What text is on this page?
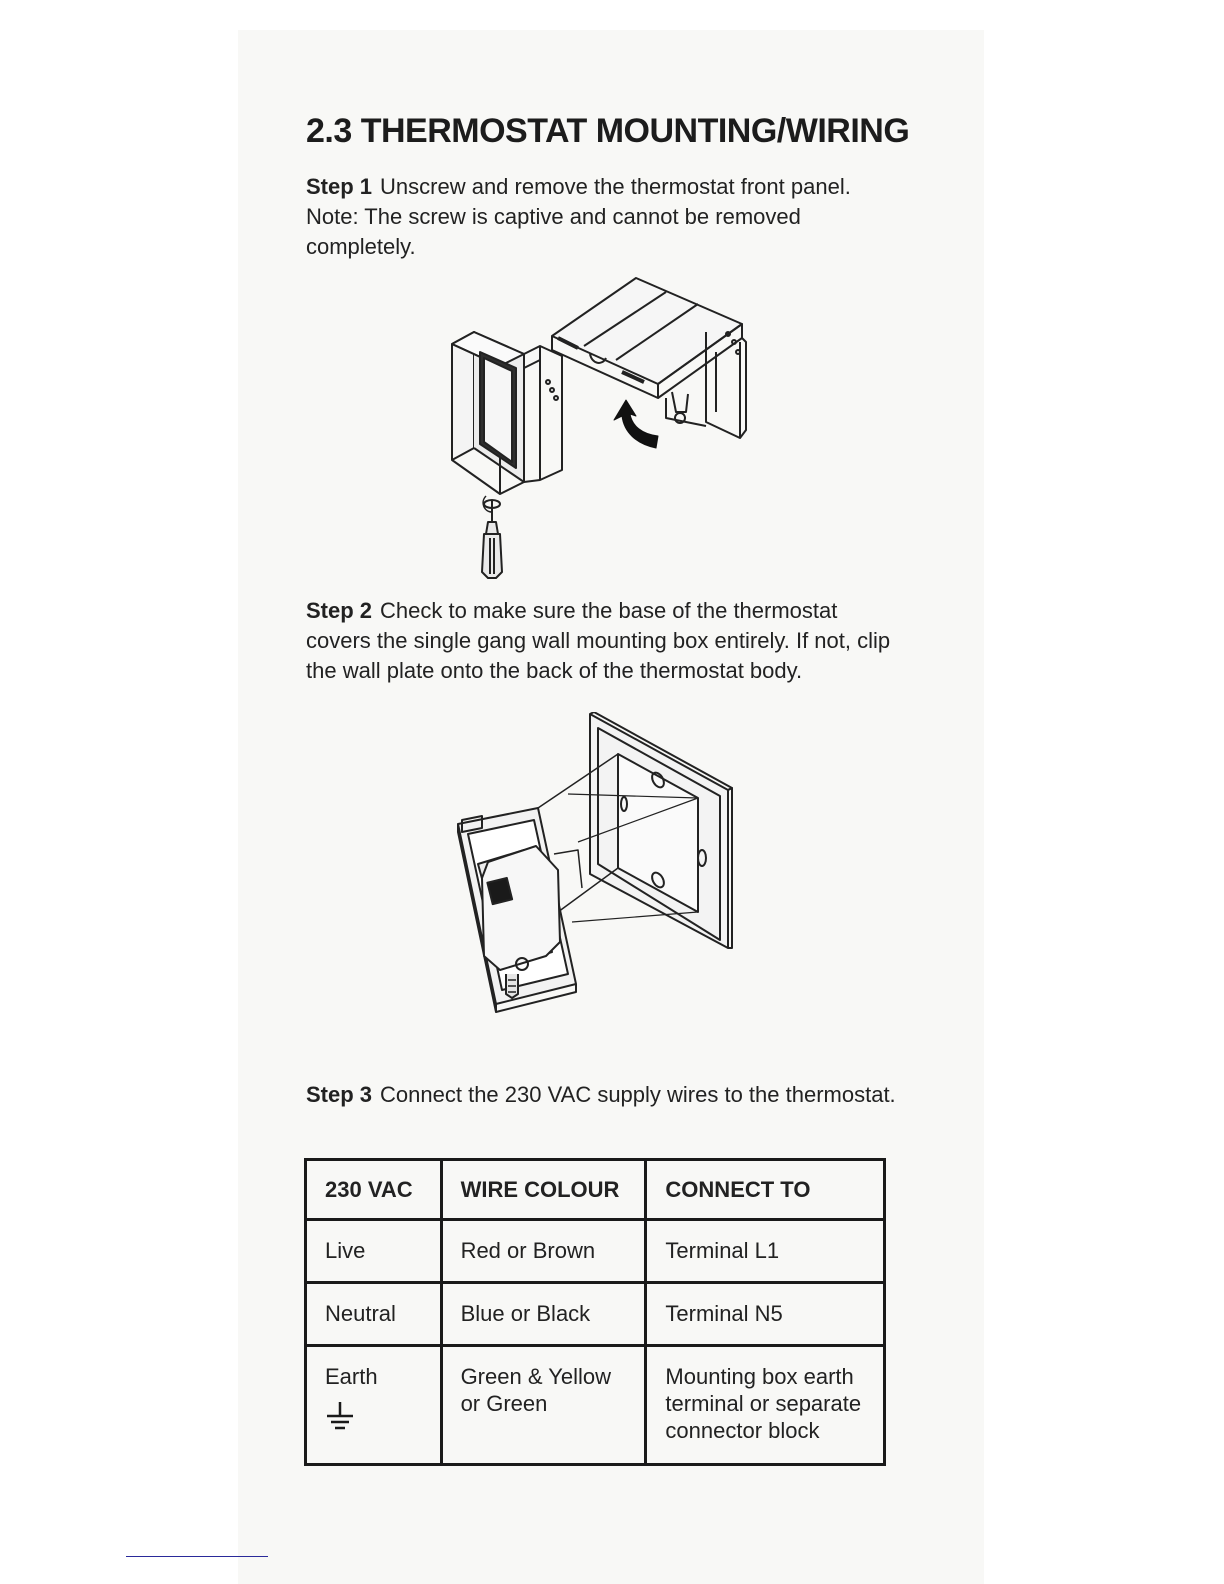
2.3 THERMOSTAT MOUNTING/WIRING

Step 1 Unscrew and remove the thermostat front panel. Note: The screw is captive and cannot be removed completely.

Step 2 Check to make sure the base of the thermostat covers the single gang wall mounting box entirely. If not, clip the wall plate onto the back of the thermostat body.

Step 3 Connect the 230 VAC supply wires to the thermostat.

230 VAC	WIRE COLOUR	CONNECT TO
Live	Red or Brown	Terminal L1
Neutral	Blue or Black	Terminal N5
Earth	Green & Yellow or Green	Mounting box earth terminal or separate connector block
